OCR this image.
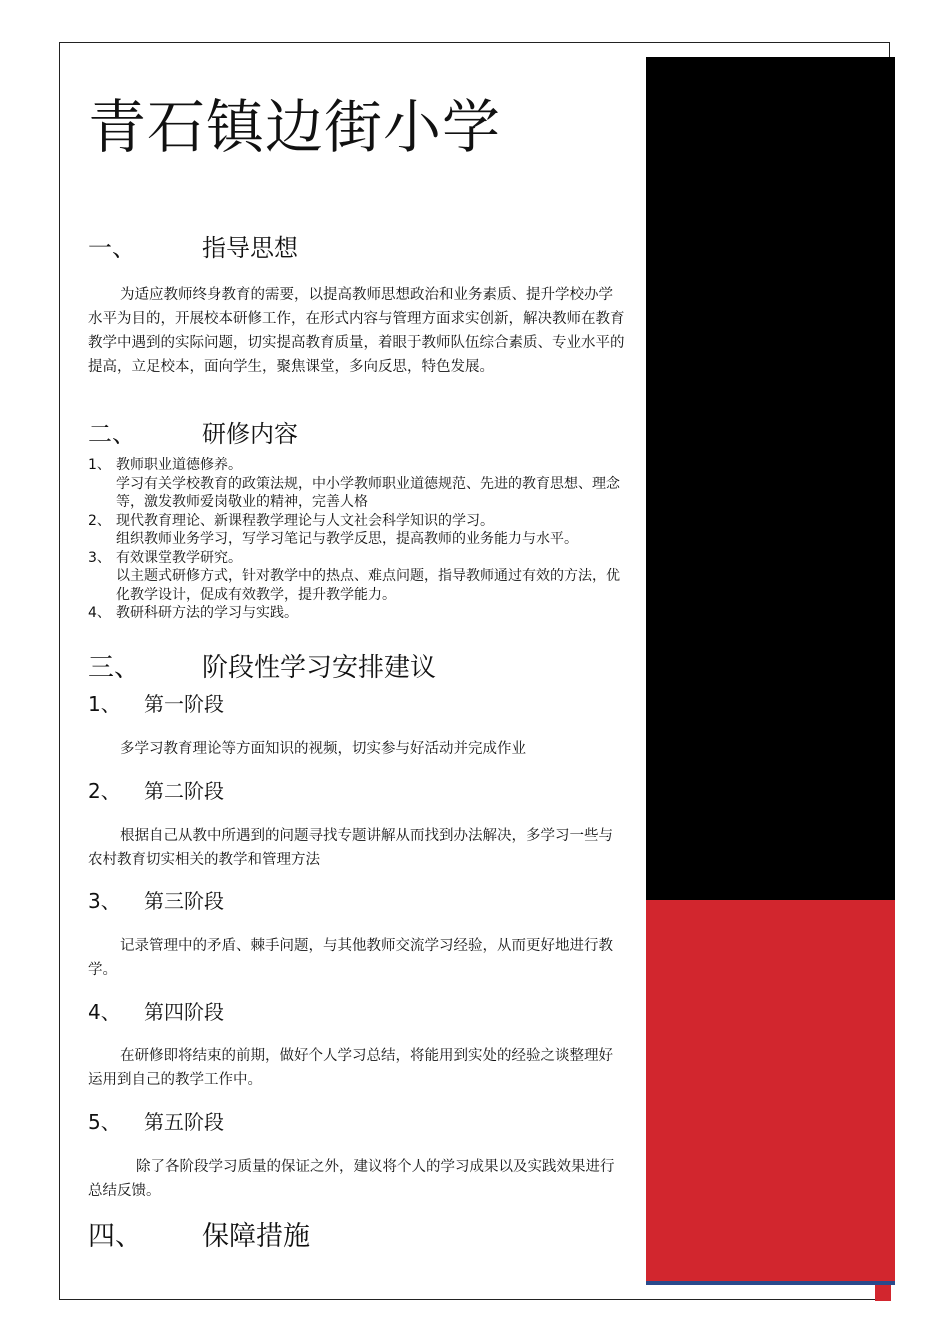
青石镇边街小学
一、	指导思想

为适应教师终身教育的需要，以提高教师思想政治和业务素质、提升学校办学水平为目的，开展校本研修工作，在形式内容与管理方面求实创新，解决教师在教育教学中遇到的实际问题，切实提高教育质量，着眼于教师队伍综合素质、专业水平的提高，立足校本，面向学生，聚焦课堂，多向反思，特色发展。

二、	研修内容
1、 教师职业道德修养。
学习有关学校教育的政策法规，中小学教师职业道德规范、先进的教育思想、理念等，激发教师爱岗敬业的精神，完善人格
2、 现代教育理论、新课程教学理论与人文社会科学知识的学习。
组织教师业务学习，写学习笔记与教学反思，提高教师的业务能力与水平。
3、 有效课堂教学研究。
以主题式研修方式，针对教学中的热点、难点问题，指导教师通过有效的方法，优化教学设计，促成有效教学，提升教学能力。
4、 教研科研方法的学习与实践。
三、 阶段性学习安排建议
1、 第一阶段

多学习教育理论等方面知识的视频，切实参与好活动并完成作业

2、 第二阶段

根据自己从教中所遇到的问题寻找专题讲解从而找到办法解决，多学习一些与农村教育切实相关的教学和管理方法

3、 第三阶段

记录管理中的矛盾、棘手问题，与其他教师交流学习经验，从而更好地进行教学。

4、 第四阶段

在研修即将结束的前期，做好个人学习总结，将能用到实处的经验之谈整理好运用到自己的教学工作中。

5、 第五阶段

除了各阶段学习质量的保证之外，建议将个人的学习成果以及实践效果进行总结反馈。

四、 保障措施
